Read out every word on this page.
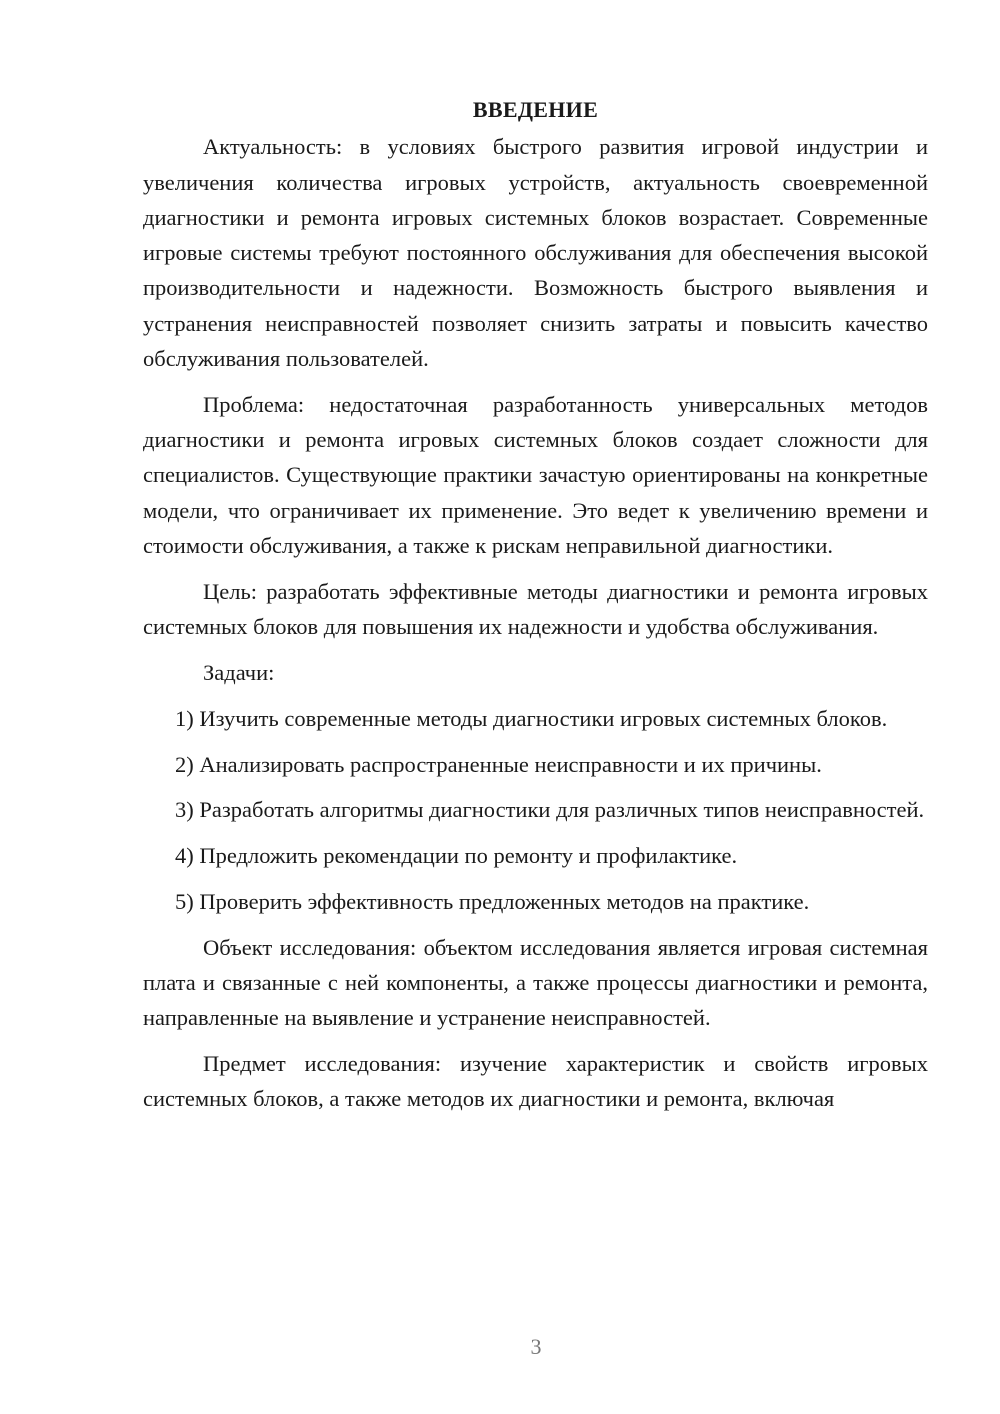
ВВЕДЕНИЕ

Актуальность: в условиях быстрого развития игровой индустрии и увеличения количества игровых устройств, актуальность своевременной диагностики и ремонта игровых системных блоков возрастает. Современные игровые системы требуют постоянного обслуживания для обеспечения высокой производительности и надежности. Возможность быстрого выявления и устранения неисправностей позволяет снизить затраты и повысить качество обслуживания пользователей.

Проблема: недостаточная разработанность универсальных методов диагностики и ремонта игровых системных блоков создает сложности для специалистов. Существующие практики зачастую ориентированы на конкретные модели, что ограничивает их применение. Это ведет к увеличению времени и стоимости обслуживания, а также к рискам неправильной диагностики.

Цель: разработать эффективные методы диагностики и ремонта игровых системных блоков для повышения их надежности и удобства обслуживания.

Задачи:

1) Изучить современные методы диагностики игровых системных блоков.

2) Анализировать распространенные неисправности и их причины.

3) Разработать алгоритмы диагностики для различных типов неисправностей.

4) Предложить рекомендации по ремонту и профилактике.

5) Проверить эффективность предложенных методов на практике.

Объект исследования: объектом исследования является игровая системная плата и связанные с ней компоненты, а также процессы диагностики и ремонта, направленные на выявление и устранение неисправностей.

Предмет исследования: изучение характеристик и свойств игровых системных блоков, а также методов их диагностики и ремонта, включая

3
